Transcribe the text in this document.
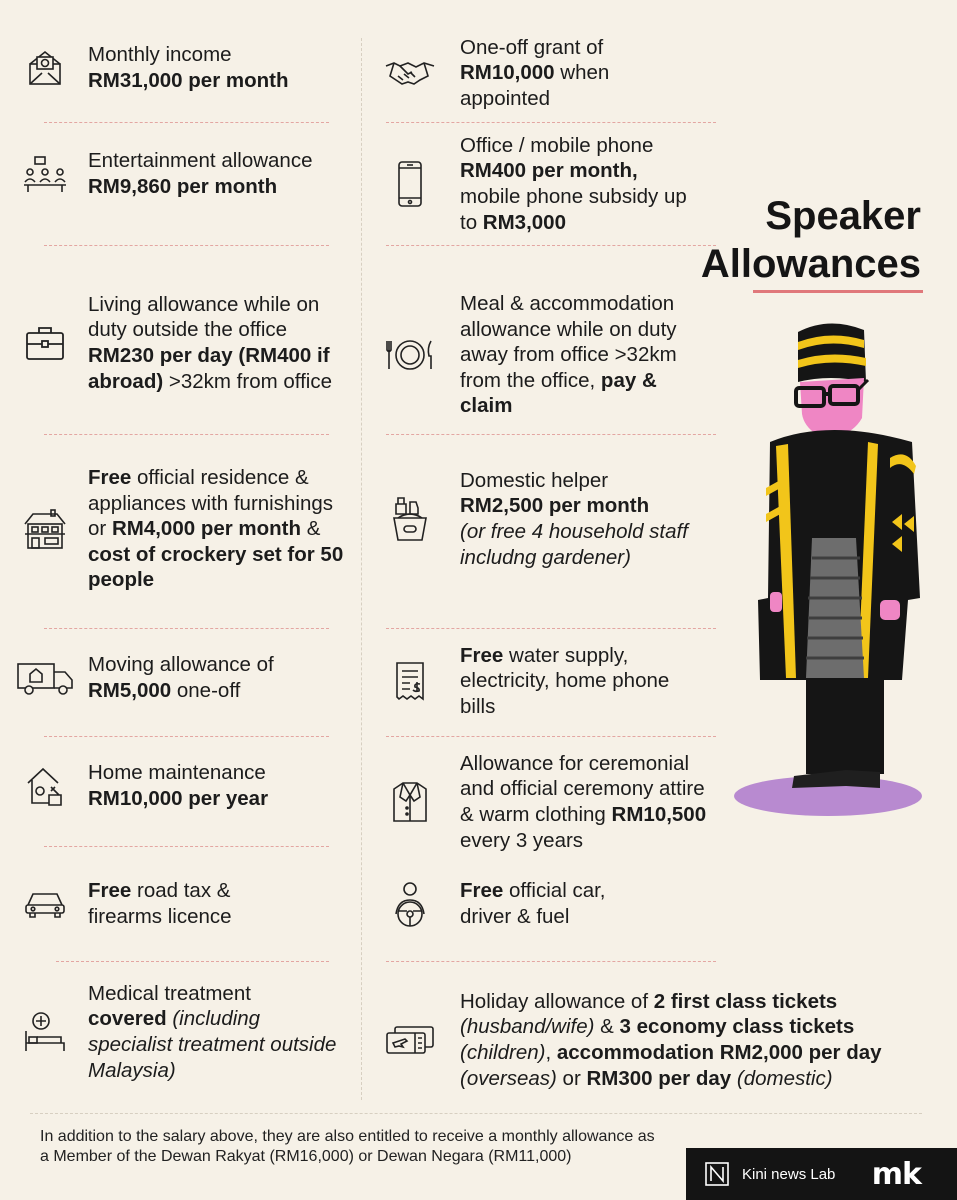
Monthly income
RM31,000 per month
Entertainment allowance
RM9,860 per month
Living allowance while on duty outside the office RM230 per day (RM400 if abroad) >32km from office
Free official residence & appliances with furnishings or RM4,000 per month & cost of crockery set for 50 people
Moving allowance of
RM5,000 one-off
Home maintenance
RM10,000 per year
Free road tax &
firearms licence
Medical treatment
covered (including specialist treatment outside Malaysia)
One-off grant of
RM10,000 when appointed
Office / mobile phone
RM400 per month,
mobile phone subsidy up to RM3,000
Meal & accommodation allowance while on duty away from office >32km from the office, pay & claim
Domestic helper
RM2,500 per month
(or free 4 household staff includng gardener)
Free water supply, electricity, home phone bills
Allowance for ceremonial and official ceremony attire & warm clothing RM10,500 every 3 years
Free official car,
driver & fuel
Holiday allowance of 2 first class tickets (husband/wife) & 3 economy class tickets (children), accommodation RM2,000 per day (overseas) or RM300 per day (domestic)
Speaker
Allowances
In addition to the salary above, they are also entitled to receive a monthly allowance as a Member of the Dewan Rakyat (RM16,000) or Dewan Negara (RM11,000)
Kini news Lab mk
